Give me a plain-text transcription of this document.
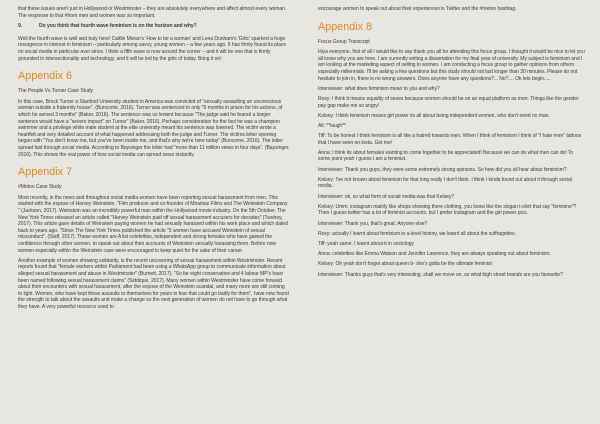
that these issues aren't just in Hollywood or Westminster – they are absolutely everywhere and affect almost every woman. The response to that #from men and women was so important.

9.	Do you think that fourth wave feminism is on the horizon and why?

Well the fourth wave is well and truly here! Caitlin Moran's 'How to be a woman' and Lena Dunham's 'Girls' sparked a huge resurgence in interest in feminism – particularly among savvy, young women – a few years ago. It has firmly found its place on social media in particular ever since. I think a fifth wave is now around the corner – and it will be one that is firmly grounded in intersectionality and technology, and it will be led by the girls of today. Bring it on!

Appendix 6

The People Vs Turner Case Study

In this case, Brock Turner a Stanford University student in America was convicted of "sexually assaulting an unconscious woman outside a fraternity house". (Buncome, 2016). Turner was sentenced to only "6 months in prison for his actions, of which he served 3 months" (Baker, 2016). The sentence was so lenient because "The judge said he feared a longer sentence would have a "severe impact" on Turner" (Baker, 2016). Perhaps consideration for the fact he was a champion swimmer and a privilege white male student at the elite university meant his sentence was lowered. The victim wrote a heartfelt and very detailed account of what happened addressing both the judge and Turner. The victims letter opening began with "You don't know me, but you've been inside me, and that's why we're here today" (Buncome, 2016). The letter spread fast through social media. According to Baysinger the letter had "more than 11 million views in four days". (Baysinger, 2016). This shows the real power of how social media can spread news instantly.

Appendix 7

#Metoo Case Study

Most recently, in the news and throughout social media women have been reporting sexual harassment from men. This started with the expose of Harvey Weinstein. "Film producer and co-founder of Miramax Films and The Weinstein Company " (Jackson, 2017). Weinstein was an incredibly powerful man within the Hollywood movie industry. On the 5th October, The New York Times released an article called "Harvey Weinstein paid off sexual harassment accusers for decades" (Twohey, 2017). This article gave details of Weinstein paying women he had sexually harassed within his work place and which dated back to years ago. "Since The New York Times published the article "5 women have accused Weinstein of sexual misconduct". (Staff, 2017). These women are A list celebrities, independent and strong females who have gained the confidence through other women, to speak out about their accounts of Weinstein sexually harassing them. Before now women especially within the Weinstein case were encouraged to keep quiet for the sake of their career.

Another example of women showing solidarity, is the recent uncovering of sexual harassment within Westminster. Recent reports found that "female workers within Parliament had been using a WhatsApp group to communicate information about alleged sexual harassment and abuse in Westminster" (Burnett, 2017). "So far eight conservative and 4 labour MP's have been named following sexual harassment claims" (Siddique, 2017). Many women within Westminster have come forward about their encounters with sexual harassment, after the expose of the Weinstein scandal, and many more are still coming to light. Women, who have kept these assaults to themselves for years in fear that could go badly for them", have now found the strength to talk about the assaults and make a change so the next generation of women do not have to go through what they have. A very powerful resource used to

encourage women to speak out about their experiences is Twitter and the #metoo hashtag.

Appendix 8

Focus Group Transcript

Hiya everyone, first of all I would like to say thank you all for attending this focus group. I thought it would be nice to let you all know why you are here. I am currently writing a dissertation for my final year of university. My subject is feminism and I am looking at the marketing aspect of selling to women. I am conducting a focus group to gather opinions from others especially millennials. I'll be asking a few questions but this study should not last longer than 30 minutes. Please do not hesitate to join in, there is no wrong answers. Does anyone have any questions?... No?.... Ok lets begin.....

Interviewer: what does feminism mean to you and why?

Roxy: I think it means equality of sexes because women should be on an equal platform as men. Things like the gender pay gap make me so angry!

Kelsey: I think feminism means girl power its all about being independent women, who don't need no man.

All: **laugh**

Tiff: To be honest I think feminism is all like a hatred towards men. When I think of feminism I think of "I hate men" tattoos that I have seen on insta. Get me!

Anna: I think its about females wanting to come together to be appreciated! Because we can do what men can do! To some point yeah I guess I am a feminist.

Interviewer: Thank you guys, they were some extremely strong opinions. So how did you all hear about feminism?

Kelsey: I've not known about feminism for that long really I don't think. I think I kinda found out about it through social media.

Interviewer: ok, so what form of social media was that Kelsey?

Kelsey: Umm, instagram mainly like shops showing there clothing, you know like the slogan t-shirt that say "feminine"? Then I guess twitter has a lot of feminist accounts, but I prefer Instagram and the girl power pics.

Interviewer: Thank you, that's great. Anyone else?

Roxy: actually I learnt about feminism in a-level history, we learnt all about the suffragettes.

Tiff: yeah same. I learnt about it in sociology

Anna: celebrities like Emma Watson and Jennifer Lawrence, they are always speaking out about feminism.

Kelsey: Oh yeah don't forget about queen b- she's gotta be the ultimate feminist

Interviewer: Thanks guys that's very interesting, shall we move on, so what high street brands are you favourite?
